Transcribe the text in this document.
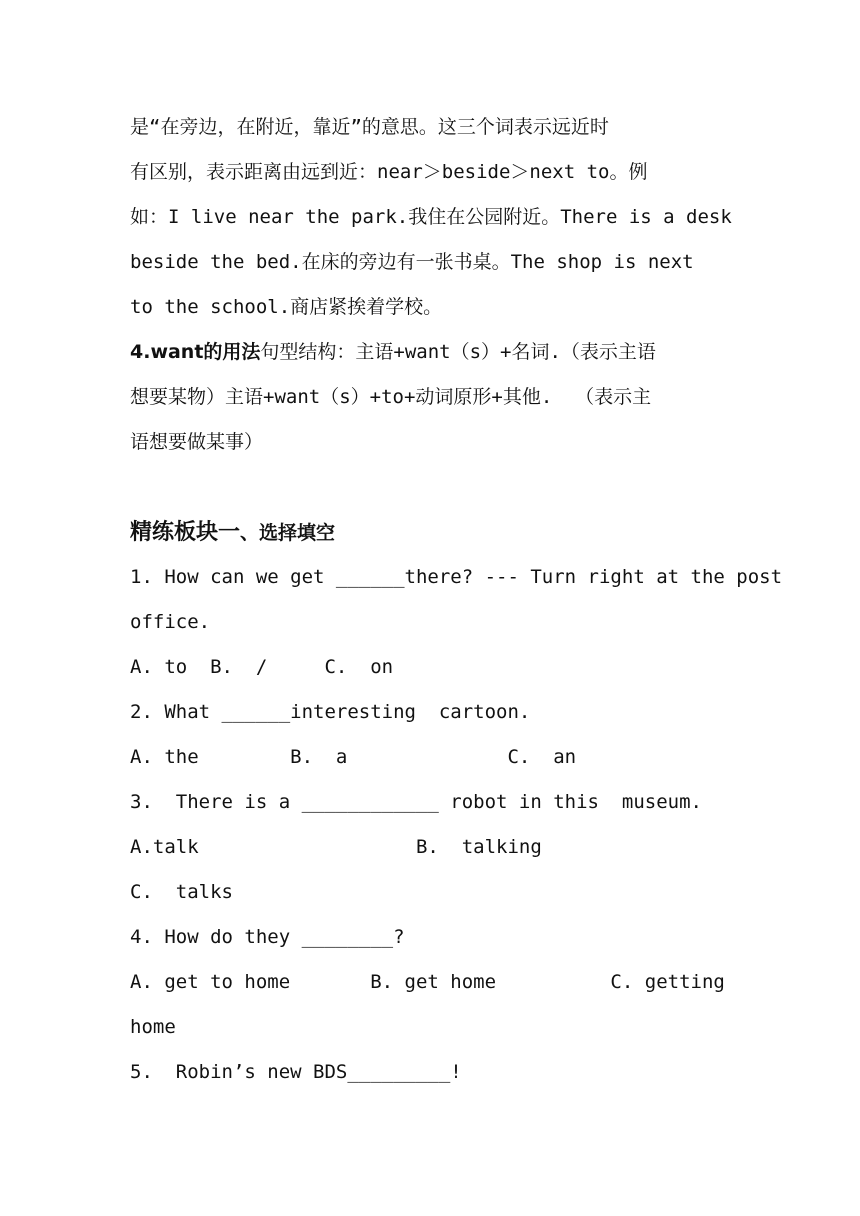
是“在旁边，在附近，靠近”的意思。这三个词表示远近时
有区别，表示距离由远到近：near＞beside＞next to。例
如：I live near the park.我住在公园附近。There is a desk
beside the bed.在床的旁边有一张书桌。The shop is next
to the school.商店紧挨着学校。
4.want的用法句型结构：主语+want（s）+名词.（表示主语
想要某物）主语+want（s）+to+动词原形+其他.  （表示主
语想要做某事）
精练板块一、选择填空
1. How can we get ______there? --- Turn right at the post
office.
A. to  B.  /     C.  on
2. What ______interesting  cartoon.
A. the        B.  a              C.  an
3.  There is a ____________ robot in this  museum.
A.talk                   B.  talking
C.  talks
4. How do they ________?
A. get to home       B. get home          C. getting
home
5.  Robin’s new BDS_________!
